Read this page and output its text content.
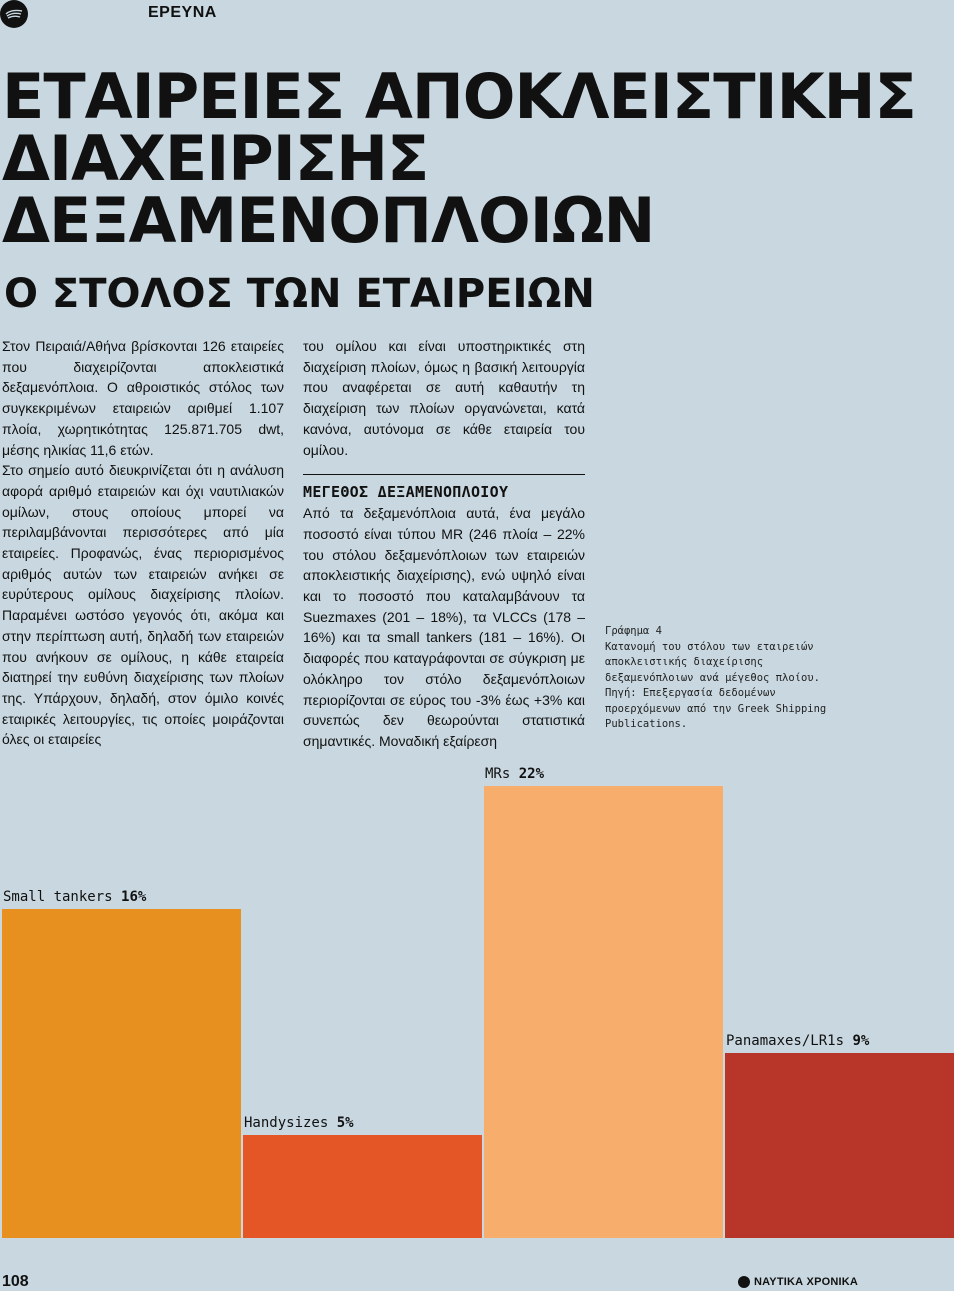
ΕΡΕΥΝΑ
ΕΤΑΙΡΕΙΕΣ ΑΠΟΚΛΕΙΣΤΙΚΗΣ
ΔΙΑΧΕΙΡΙΣΗΣ
ΔΕΞΑΜΕΝΟΠΛΟΙΩΝ
Ο ΣΤΟΛΟΣ ΤΩΝ ΕΤΑΙΡΕΙΩΝ

Στον Πειραιά/Αθήνα βρίσκονται 126 εταιρείες που διαχειρίζονται αποκλειστικά δεξαμενόπλοια. Ο αθροιστικός στόλος των συγκεκριμένων εταιρειών αριθμεί 1.107 πλοία, χωρητικότητας 125.871.705 dwt, μέσης ηλικίας 11,6 ετών.

Στο σημείο αυτό διευκρινίζεται ότι η ανάλυση αφορά αριθμό εταιρειών και όχι ναυτιλιακών ομίλων, στους οποίους μπορεί να περιλαμβάνονται περισσότερες από μία εταιρείες. Προφανώς, ένας περιορισμένος αριθμός αυτών των εταιρειών ανήκει σε ευρύτερους ομίλους διαχείρισης πλοίων. Παραμένει ωστόσο γεγονός ότι, ακόμα και στην περίπτωση αυτή, δηλαδή των εταιρειών που ανήκουν σε ομίλους, η κάθε εταιρεία διατηρεί την ευθύνη διαχείρισης των πλοίων της. Υπάρχουν, δηλαδή, στον όμιλο κοινές εταιρικές λειτουργίες, τις οποίες μοιράζονται όλες οι εταιρείες

του ομίλου και είναι υποστηρικτικές στη διαχείριση πλοίων, όμως η βασική λειτουργία που αναφέρεται σε αυτή καθαυτήν τη διαχείριση των πλοίων οργανώνεται, κατά κανόνα, αυτόνομα σε κάθε εταιρεία του ομίλου.

ΜΕΓΕΘΟΣ ΔΕΞΑΜΕΝΟΠΛΟΙΟΥ

Από τα δεξαμενόπλοια αυτά, ένα μεγάλο ποσοστό είναι τύπου MR (246 πλοία – 22% του στόλου δεξαμενόπλοιων των εταιρειών αποκλειστικής διαχείρισης), ενώ υψηλό είναι και το ποσοστό που καταλαμβάνουν τα Suezmaxes (201 – 18%), τα VLCCs (178 – 16%) και τα small tankers (181 – 16%). Οι διαφορές που καταγράφονται σε σύγκριση με ολόκληρο τον στόλο δεξαμενόπλοιων περιορίζονται σε εύρος του -3% έως +3% και συνεπώς δεν θεωρούνται στατιστικά σημαντικές. Μοναδική εξαίρεση

Γράφημα 4
Κατανομή του στόλου των εταιρειών αποκλειστικής διαχείρισης δεξαμενόπλοιων ανά μέγεθος πλοίου.
Πηγή: Επεξεργασία δεδομένων προερχόμενων από την Greek Shipping Publications.
Small tankers 16%
Handysizes 5%
MRs 22%
Panamaxes/LR1s 9%
108	ΝΑΥΤΙΚΑ ΧΡΟΝΙΚΑ
